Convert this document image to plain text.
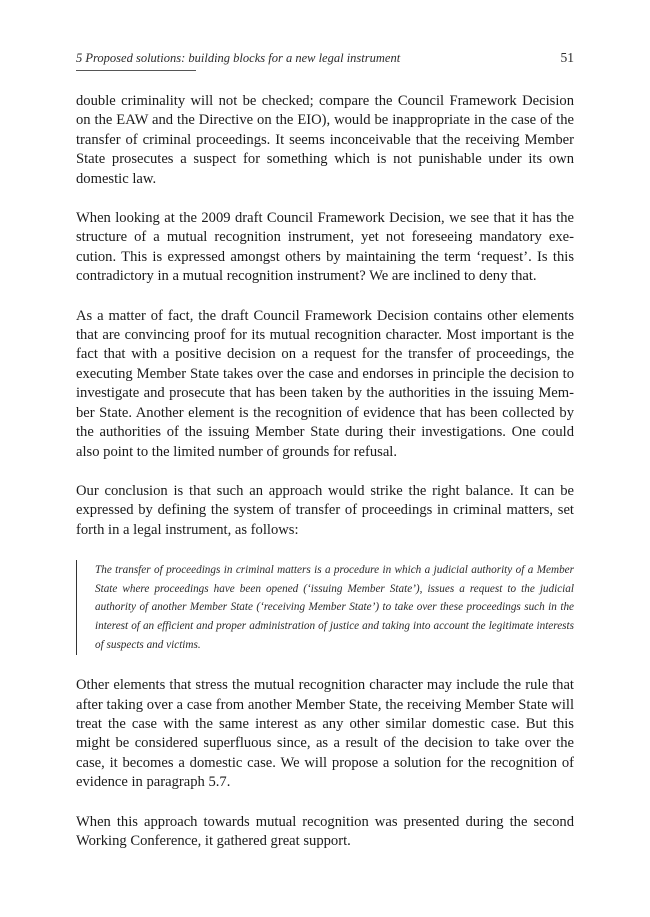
5 Proposed solutions: building blocks for a new legal instrument	51

double criminality will not be checked; compare the Council Framework Decision on the EAW and the Directive on the EIO), would be inappropriate in the case of the transfer of criminal proceedings. It seems inconceivable that the receiving Member State prosecutes a suspect for something which is not punishable under its own domestic law.

When looking at the 2009 draft Council Framework Decision, we see that it has the structure of a mutual recognition instrument, yet not foreseeing mandatory execution. This is expressed amongst others by maintaining the term ‘request’. Is this contradictory in a mutual recognition instrument? We are inclined to deny that.

As a matter of fact, the draft Council Framework Decision contains other elements that are convincing proof for its mutual recognition character. Most important is the fact that with a positive decision on a request for the transfer of proceedings, the executing Member State takes over the case and endorses in principle the decision to investigate and prosecute that has been taken by the authorities in the issuing Member State. Another element is the recognition of evidence that has been collected by the authorities of the issuing Member State during their investigations. One could also point to the limited number of grounds for refusal.

Our conclusion is that such an approach would strike the right balance. It can be expressed by defining the system of transfer of proceedings in criminal matters, set forth in a legal instrument, as follows:

The transfer of proceedings in criminal matters is a procedure in which a judicial authority of a Member State where proceedings have been opened (‘issuing Member State’), issues a request to the judicial authority of another Member State (‘receiving Member State’) to take over these proceedings such in the interest of an efficient and proper administration of justice and taking into account the legitimate interests of suspects and victims.

Other elements that stress the mutual recognition character may include the rule that after taking over a case from another Member State, the receiving Member State will treat the case with the same interest as any other similar domestic case. But this might be considered superfluous since, as a result of the decision to take over the case, it becomes a domestic case. We will propose a solution for the recognition of evidence in paragraph 5.7.

When this approach towards mutual recognition was presented during the second Working Conference, it gathered great support.
